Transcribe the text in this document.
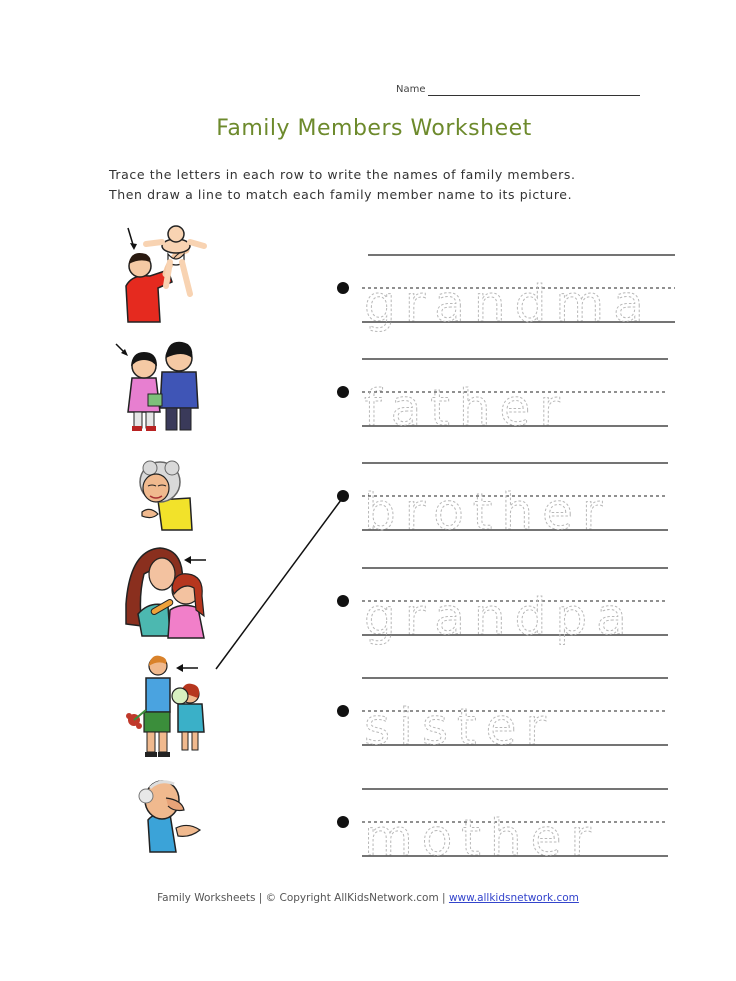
Name
Family Members Worksheet
Trace the letters in each row to write the names of family members.
Then draw a line to match each family member name to its picture.
grandma
father
brother
grandpa
sister
mother
Family Worksheets | © Copyright AllKidsNetwork.com | www.allkidsnetwork.com
